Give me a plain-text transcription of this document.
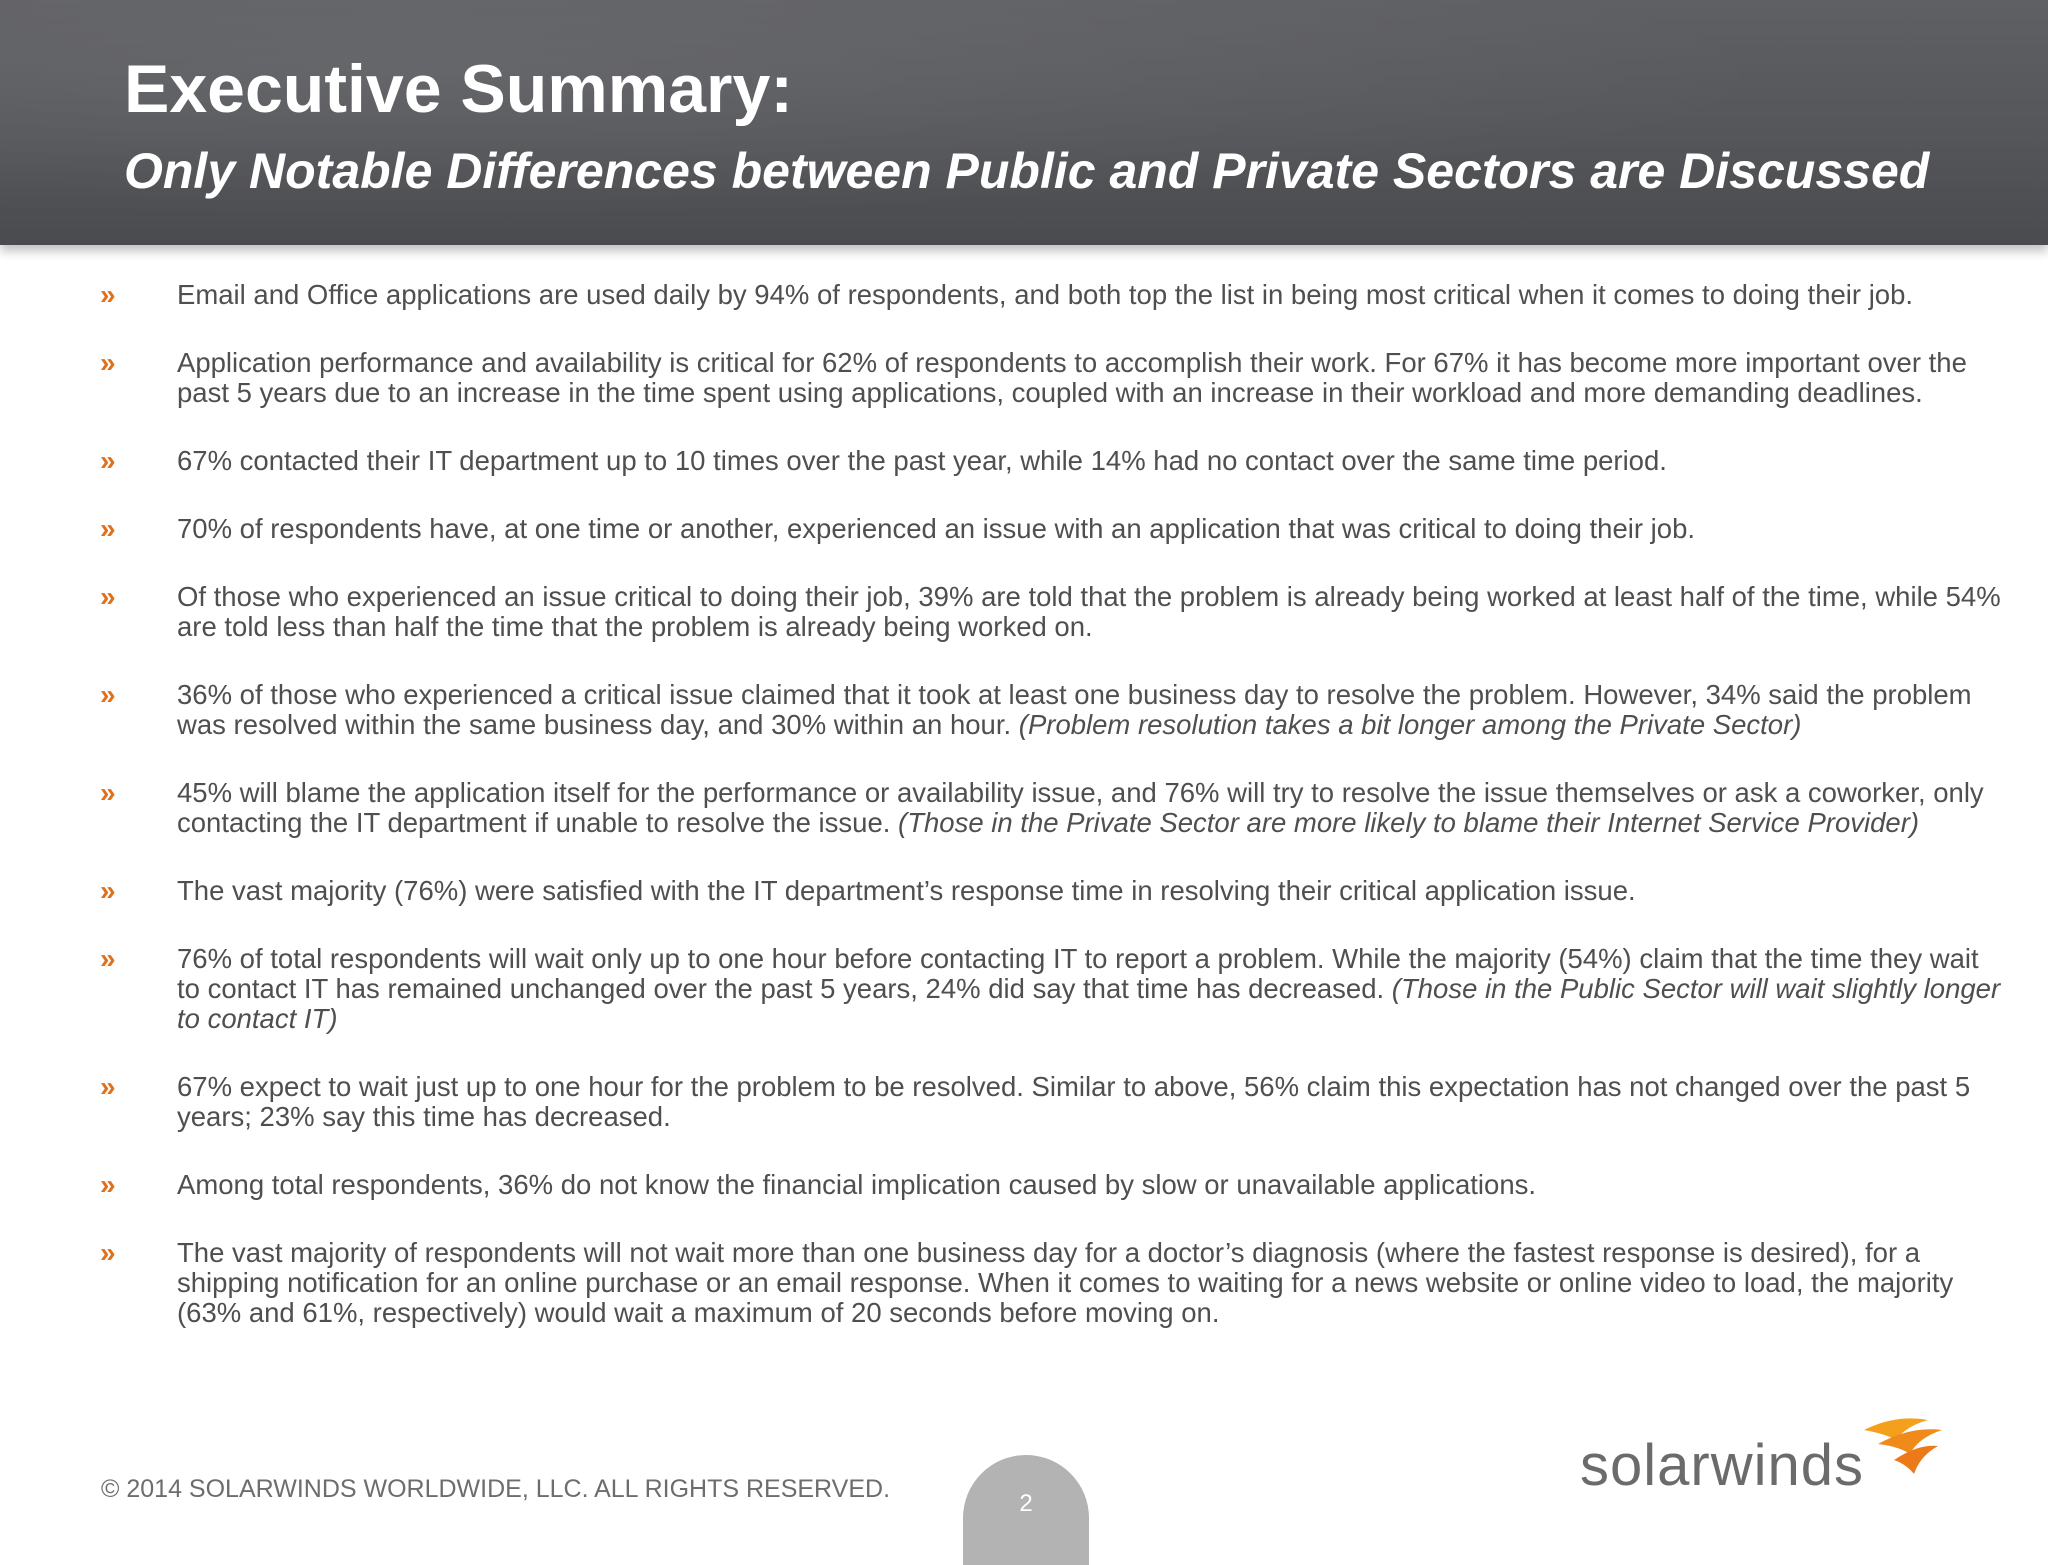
Executive Summary:
Only Notable Differences between Public and Private Sectors are Discussed
» Email and Office applications are used daily by 94% of respondents, and both top the list in being most critical when it comes to doing their job.
» Application performance and availability is critical for 62% of respondents to accomplish their work. For 67% it has become more important over the past 5 years due to an increase in the time spent using applications, coupled with an increase in their workload and more demanding deadlines.
» 67% contacted their IT department up to 10 times over the past year, while 14% had no contact over the same time period.
» 70% of respondents have, at one time or another, experienced an issue with an application that was critical to doing their job.
» Of those who experienced an issue critical to doing their job, 39% are told that the problem is already being worked at least half of the time, while 54% are told less than half the time that the problem is already being worked on.
» 36% of those who experienced a critical issue claimed that it took at least one business day to resolve the problem. However, 34% said the problem was resolved within the same business day, and 30% within an hour. (Problem resolution takes a bit longer among the Private Sector)
» 45% will blame the application itself for the performance or availability issue, and 76% will try to resolve the issue themselves or ask a coworker, only contacting the IT department if unable to resolve the issue. (Those in the Private Sector are more likely to blame their Internet Service Provider)
» The vast majority (76%) were satisfied with the IT department’s response time in resolving their critical application issue.
» 76% of total respondents will wait only up to one hour before contacting IT to report a problem. While the majority (54%) claim that the time they wait to contact IT has remained unchanged over the past 5 years, 24% did say that time has decreased. (Those in the Public Sector will wait slightly longer to contact IT)
» 67% expect to wait just up to one hour for the problem to be resolved. Similar to above, 56% claim this expectation has not changed over the past 5 years; 23% say this time has decreased.
» Among total respondents, 36% do not know the financial implication caused by slow or unavailable applications.
» The vast majority of respondents will not wait more than one business day for a doctor’s diagnosis (where the fastest response is desired), for a shipping notification for an online purchase or an email response. When it comes to waiting for a news website or online video to load, the majority (63% and 61%, respectively) would wait a maximum of 20 seconds before moving on.
© 2014 SOLARWINDS WORLDWIDE, LLC. ALL RIGHTS RESERVED.
2
solarwinds
